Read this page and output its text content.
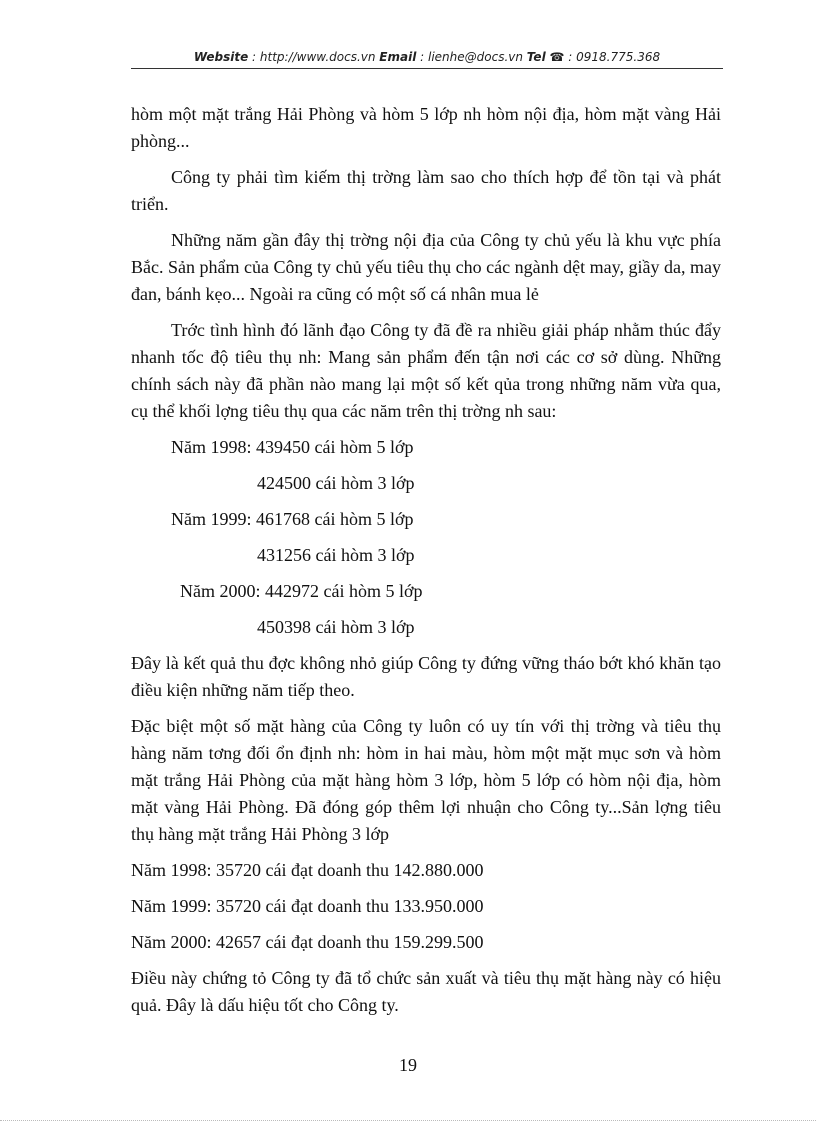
Website : http://www.docs.vn Email : lienhe@docs.vn Tel ☎ : 0918.775.368

hòm một mặt trắng Hải Phòng và hòm 5 lớp nh hòm nội địa, hòm mặt vàng Hải phòng...

Công ty phải tìm kiếm thị trờng làm sao cho thích hợp để tồn tại và phát triển.

Những năm gần đây thị trờng nội địa của Công ty chủ yếu là khu vực phía Bắc. Sản phẩm của Công ty chủ yếu tiêu thụ cho các ngành dệt may, giầy da, may đan, bánh kẹo... Ngoài ra cũng có một số cá nhân mua lẻ

Trớc tình hình đó lãnh đạo Công ty đã đề ra nhiều giải pháp nhằm thúc đẩy nhanh tốc độ tiêu thụ nh: Mang sản phẩm đến tận nơi các cơ sở dùng. Những chính sách này đã phần nào mang lại một số kết qủa trong những năm vừa qua, cụ thể khối lợng tiêu thụ qua các năm trên thị trờng nh sau:

Năm 1998: 439450 cái hòm 5 lớp
424500 cái hòm 3 lớp
Năm 1999: 461768 cái hòm 5 lớp
431256 cái hòm 3 lớp
Năm 2000: 442972 cái hòm 5 lớp
450398 cái hòm 3 lớp

Đây là kết quả thu đợc không nhỏ giúp Công ty đứng vững tháo bớt khó khăn tạo điều kiện những năm tiếp theo.

Đặc biệt một số mặt hàng của Công ty luôn có uy tín với thị trờng và tiêu thụ hàng năm tơng đối ổn định nh: hòm in hai màu, hòm một mặt mục sơn và hòm mặt trắng Hải Phòng của mặt hàng hòm 3 lớp, hòm 5 lớp có hòm nội địa, hòm mặt vàng Hải Phòng. Đã đóng góp thêm lợi nhuận cho Công ty...Sản lợng tiêu thụ hàng mặt trắng Hải Phòng 3 lớp

Năm 1998: 35720 cái đạt doanh thu 142.880.000
Năm 1999: 35720 cái đạt doanh thu 133.950.000
Năm 2000: 42657 cái đạt doanh thu 159.299.500

Điều này chứng tỏ Công ty đã tổ chức sản xuất và tiêu thụ mặt hàng này có hiệu quả. Đây là dấu hiệu tốt cho Công ty.

19
